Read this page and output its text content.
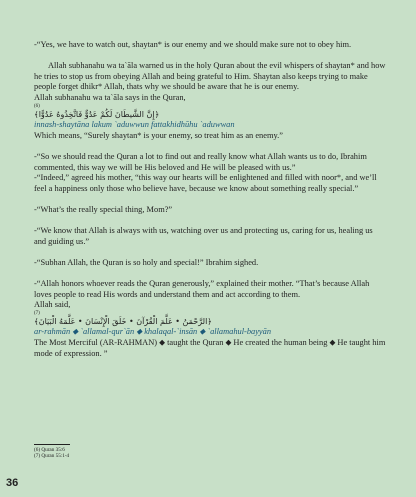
-“Yes, we have to watch out, shaytan* is our enemy and we should make sure not to obey him.

Allah subhanahu wa ta`āla warned us in the holy Quran about the evil whispers of shaytan* and how he tries to stop us from obeying Allah and being grateful to Him. Shaytan also keeps trying to make people forget dhikr* Allah, thats why we should be aware that he is our enemy.

Allah subhanahu wa ta`āla says in the Quran,

(6)
﴿إِنَّ الشَّيطَانَ لَكُمْ عَدُوٌّ فَاتَّخِذُوهُ عَدُوًّا﴾

innash-shaytāna lakum `aduwwun fattakhidhūhu `aduwwan

Which means, “Surely shaytan* is your enemy, so treat him as an enemy.”

-“So we should read the Quran a lot to find out and really know what Allah wants us to do, Ibrahim commented, this way we will be His beloved and He will be pleased with us.”

-“Indeed,” agreed his mother, “this way our hearts will be enlightened and filled with noor*, and we’ll feel a happiness only those who believe have, because we know about something really special.”

-“What’s the really special thing, Mom?”

-“We know that Allah is always with us, watching over us and protecting us, caring for us, healing us and guiding us.”

-“Subhan Allah, the Quran is so holy and special!” Ibrahim sighed.

-“Allah honors whoever reads the Quran generously,” explained their mother. “That’s because Allah loves people to read His words and understand them and act according to them.

Allah said,

(7)
﴿الرَّحْمَنُ • عَلَّمَ الْقُرْآنَ • خَلَقَ الْإِنْسَانَ • عَلَّمَهُ الْبَيَانَ﴾

ar-rahmān ⬥ `allamal-qur`ān ⬥ khalaqal-`insān ⬥ `allamahul-bayyān

The Most Merciful (AR-RAHMAN) ⬥ taught the Quran ⬥ He created the human being ⬥ He taught him mode of expression. ”

(6) Quran 35:6
(7) Quran 55:1-4
36
